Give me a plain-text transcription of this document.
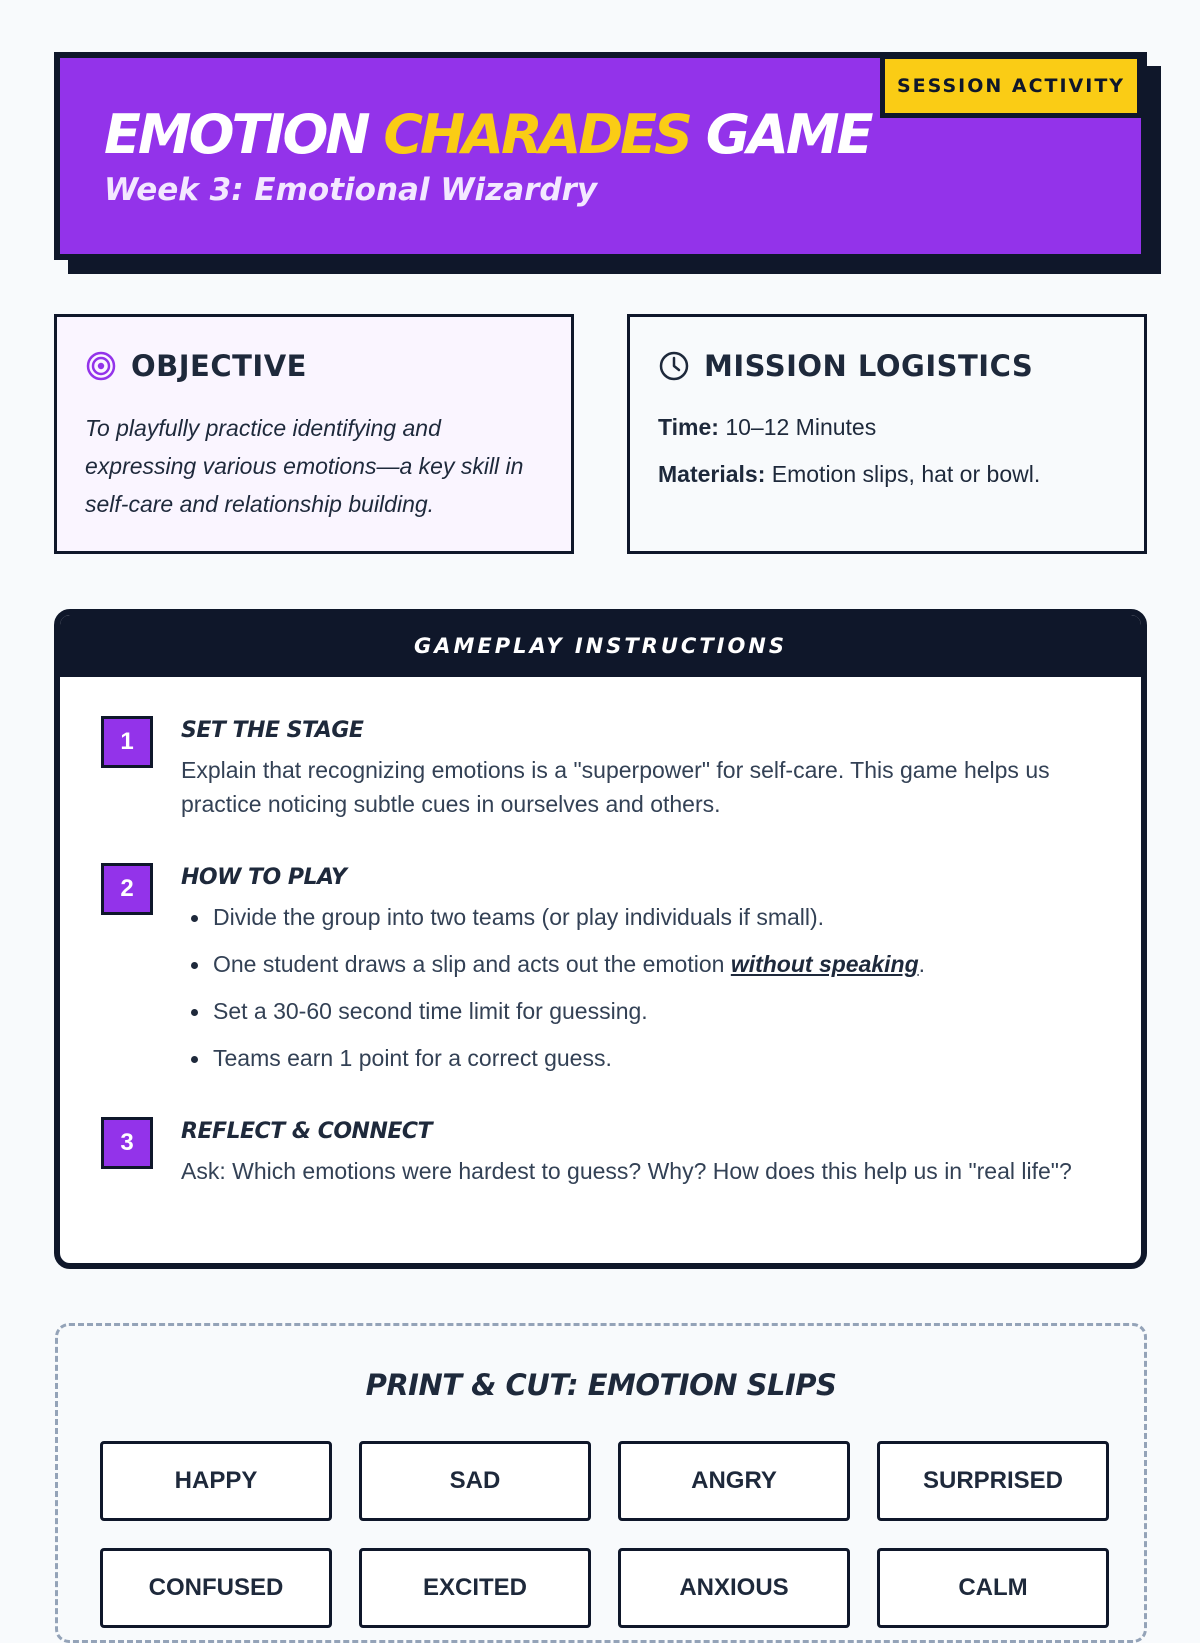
EMOTION CHARADES GAME

Week 3: Emotional Wizardry

SESSION ACTIVITY
OBJECTIVE

To playfully practice identifying and expressing various emotions—a key skill in self-care and relationship building.

MISSION LOGISTICS

Time: 10–12 Minutes

Materials: Emotion slips, hat or bowl.

GAMEPLAY INSTRUCTIONS
1	SET THE STAGE

Explain that recognizing emotions is a "superpower" for self-care. This game helps us practice noticing subtle cues in ourselves and others.

2	HOW TO PLAY
Divide the group into two teams (or play individuals if small).
One student draws a slip and acts out the emotion without speaking.
Set a 30-60 second time limit for guessing.
Teams earn 1 point for a correct guess.
3	REFLECT & CONNECT

Ask: Which emotions were hardest to guess? Why? How does this help us in "real life"?

PRINT & CUT: EMOTION SLIPS
HAPPY	SAD	ANGRY	SURPRISED
CONFUSED	EXCITED	ANXIOUS	CALM
